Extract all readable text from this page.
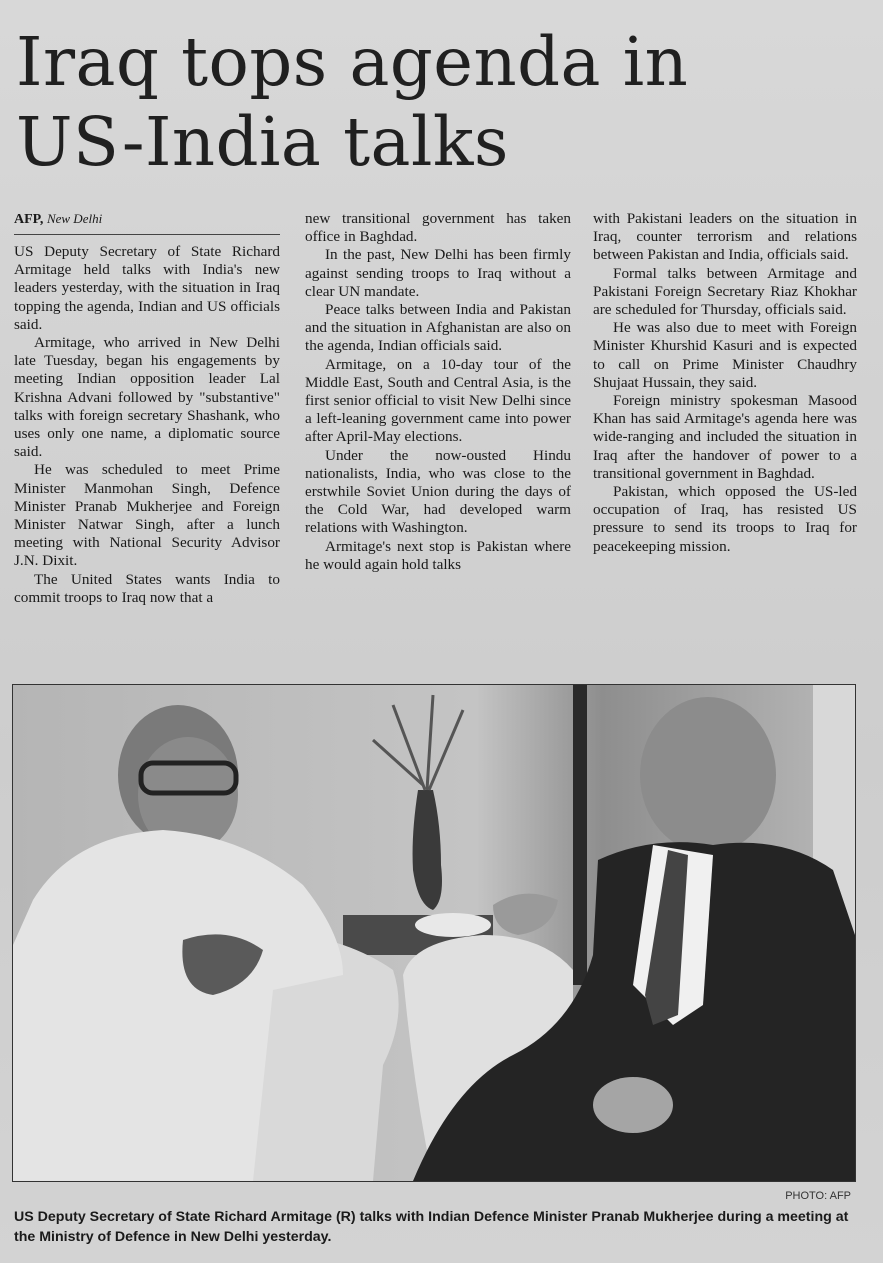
Iraq tops agenda in
US-India talks
AFP, New Delhi

US Deputy Secretary of State Richard Armitage held talks with India's new leaders yesterday, with the situation in Iraq topping the agenda, Indian and US officials said.

Armitage, who arrived in New Delhi late Tuesday, began his engagements by meeting Indian opposition leader Lal Krishna Advani followed by "substantive" talks with foreign secretary Shashank, who uses only one name, a diplomatic source said.

He was scheduled to meet Prime Minister Manmohan Singh, Defence Minister Pranab Mukherjee and Foreign Minister Natwar Singh, after a lunch meeting with National Security Advisor J.N. Dixit.

The United States wants India to commit troops to Iraq now that a

new transitional government has taken office in Baghdad.

In the past, New Delhi has been firmly against sending troops to Iraq without a clear UN mandate.

Peace talks between India and Pakistan and the situation in Afghanistan are also on the agenda, Indian officials said.

Armitage, on a 10-day tour of the Middle East, South and Central Asia, is the first senior official to visit New Delhi since a left-leaning government came into power after April-May elections.

Under the now-ousted Hindu nationalists, India, who was close to the erstwhile Soviet Union during the days of the Cold War, had developed warm relations with Washington.

Armitage's next stop is Pakistan where he would again hold talks

with Pakistani leaders on the situation in Iraq, counter terrorism and relations between Pakistan and India, officials said.

Formal talks between Armitage and Pakistani Foreign Secretary Riaz Khokhar are scheduled for Thursday, officials said.

He was also due to meet with Foreign Minister Khurshid Kasuri and is expected to call on Prime Minister Chaudhry Shujaat Hussain, they said.

Foreign ministry spokesman Masood Khan has said Armitage's agenda here was wide-ranging and included the situation in Iraq after the handover of power to a transitional government in Baghdad.

Pakistan, which opposed the US-led occupation of Iraq, has resisted US pressure to send its troops to Iraq for peacekeeping mission.

PHOTO: AFP
US Deputy Secretary of State Richard Armitage (R) talks with Indian Defence Minister Pranab Mukherjee during a meeting at the Ministry of Defence in New Delhi yesterday.
